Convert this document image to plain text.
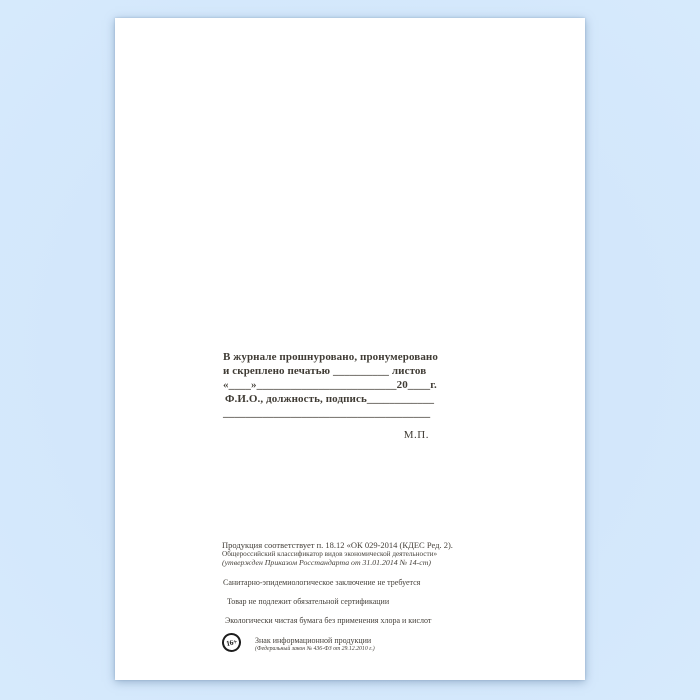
В журнале прошнуровано, пронумеровано
и скреплено печатью __________ листов
«____»_________________________20____г.
Ф.И.О., должность, подпись____________
_____________________________________
М.П.
Продукция соответствует п. 18.12 «ОК 029-2014 (КДЕС Ред. 2).
Общероссийский классификатор видов экономической деятельности»
(утвержден Приказом Росстандарта от 31.01.2014 № 14-ст)
Санитарно-эпидемиологическое заключение не требуется
Товар не подлежит обязательной сертификации
Экологически чистая бумага без применения хлора и кислот
16+	Знак информационной продукции
(Федеральный закон № 436-ФЗ от 29.12.2010 г.)
